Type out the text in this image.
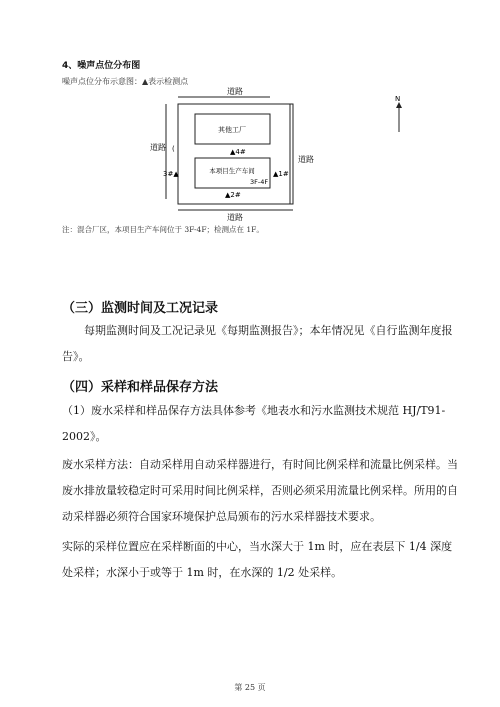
4、噪声点位分布图
噪声点位分布示意图：▲表示检测点
道路
道路
道路
其他工厂
▲4#
(
本项目生产车间
3F-4F
3#▲	▲1#
▲2#
道路
N
注：混合厂区，本项目生产车间位于 3F-4F；检测点在 1F。
（三）监测时间及工况记录
每期监测时间及工况记录见《每期监测报告》；本年情况见《自行监测年度报告》。
（四）采样和样品保存方法
（1）废水采样和样品保存方法具体参考《地表水和污水监测技术规范 HJ/T91-2002》。
废水采样方法：自动采样用自动采样器进行，有时间比例采样和流量比例采样。当废水排放量较稳定时可采用时间比例采样，否则必须采用流量比例采样。所用的自动采样器必须符合国家环境保护总局颁布的污水采样器技术要求。
实际的采样位置应在采样断面的中心，当水深大于 1m 时，应在表层下 1/4 深度处采样；水深小于或等于 1m 时，在水深的 1/2 处采样。
第 25 页
